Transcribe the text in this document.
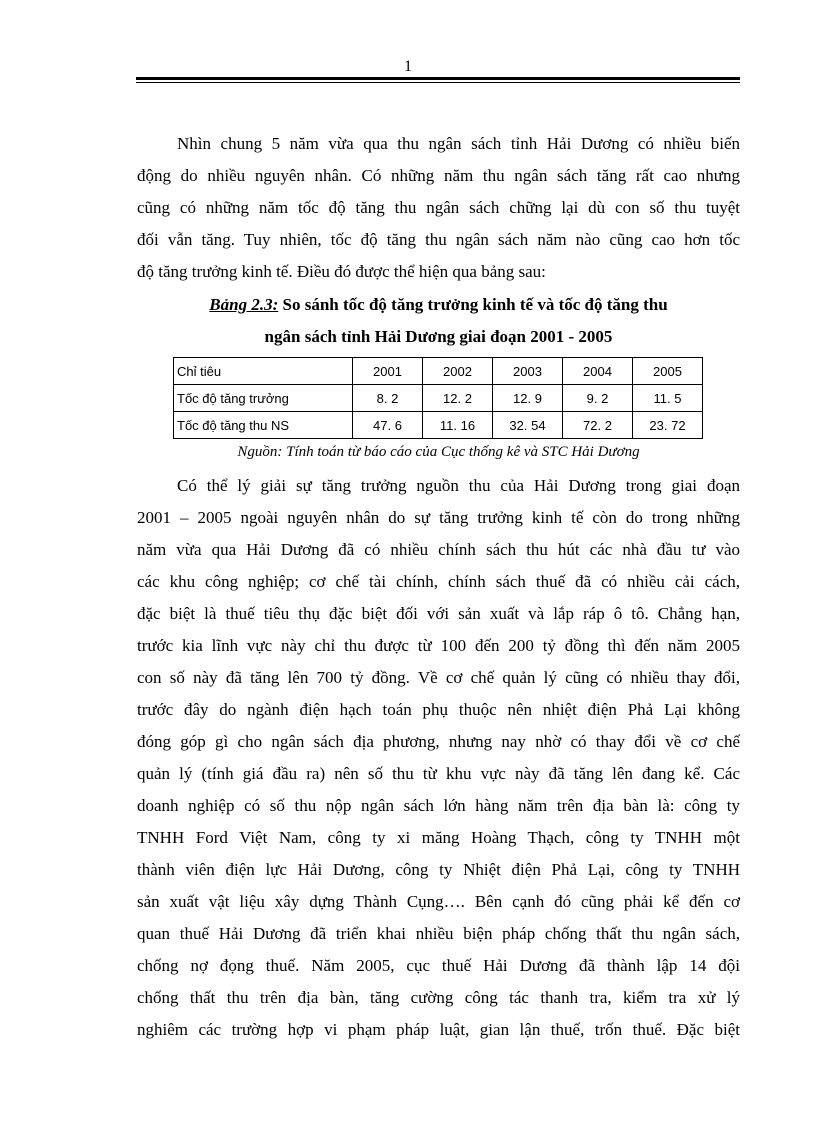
1
Nhìn chung 5 năm vừa qua thu ngân sách tỉnh Hải Dương có nhiều biến
động do nhiều nguyên nhân. Có những năm thu ngân sách tăng rất cao nhưng
cũng có những năm tốc độ tăng thu ngân sách chững lại dù con số thu tuyệt
đối vẫn tăng. Tuy nhiên, tốc độ tăng thu ngân sách năm nào cũng cao hơn tốc
độ tăng trưởng kinh tế. Điều đó được thể hiện qua bảng sau:
Bảng 2.3: So sánh tốc độ tăng trưởng kinh tế và tốc độ tăng thu
ngân sách tỉnh Hải Dương giai đoạn 2001 - 2005
Chỉ tiêu	2001	2002	2003	2004	2005
Tốc độ tăng trưởng	8. 2	12. 2	12. 9	9. 2	11. 5
Tốc độ tăng thu NS	47. 6	11. 16	32. 54	72. 2	23. 72
Nguồn: Tính toán từ báo cáo của Cục thống kê và STC Hải Dương
Có thể lý giải sự tăng trưởng nguồn thu của Hải Dương trong giai đoạn
2001 – 2005 ngoài nguyên nhân do sự tăng trưởng kinh tế còn do trong những
năm vừa qua Hải Dương đã có nhiều chính sách thu hút các nhà đầu tư vào
các khu công nghiệp; cơ chế tài chính, chính sách thuế đã có nhiều cải cách,
đặc biệt là thuế tiêu thụ đặc biệt đối với sản xuất và lắp ráp ô tô. Chẳng hạn,
trước kia lĩnh vực này chỉ thu được từ 100 đến 200 tỷ đồng thì đến năm 2005
con số này đã tăng lên 700 tỷ đồng. Về cơ chế quản lý cũng có nhiều thay đổi,
trước đây do ngành điện hạch toán phụ thuộc nên nhiệt điện Phả Lại không
đóng góp gì cho ngân sách địa phương, nhưng nay nhờ có thay đổi về cơ chế
quản lý (tính giá đầu ra) nên số thu từ khu vực này đã tăng lên đang kể. Các
doanh nghiệp có số thu nộp ngân sách lớn hàng năm trên địa bàn là: công ty
TNHH Ford Việt Nam, công ty xi măng Hoàng Thạch, công ty TNHH một
thành viên điện lực Hải Dương, công ty Nhiệt điện Phả Lại, công ty TNHH
sản xuất vật liệu xây dựng Thành Cụng…. Bên cạnh đó cũng phải kể đến cơ
quan thuế Hải Dương đã triển khai nhiều biện pháp chống thất thu ngân sách,
chống nợ đọng thuế. Năm 2005, cục thuế Hải Dương đã thành lập 14 đội
chống thất thu trên địa bàn, tăng cường công tác thanh tra, kiểm tra xử lý
nghiêm các trường hợp vi phạm pháp luật, gian lận thuế, trốn thuế. Đặc biệt
